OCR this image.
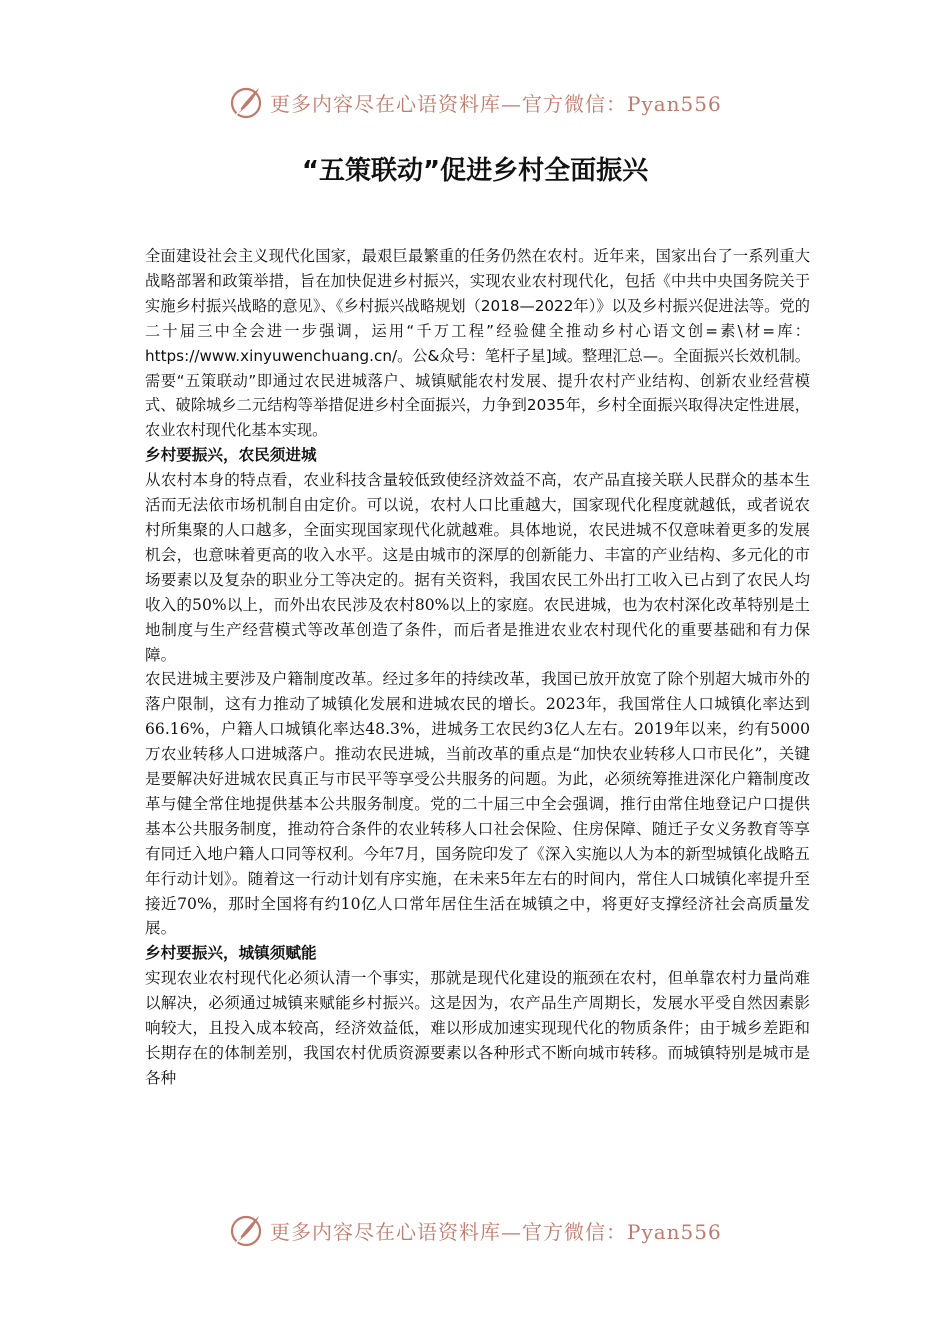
更多内容尽在心语资料库—官方微信：Pyan556
“五策联动”促进乡村全面振兴

全面建设社会主义现代化国家，最艰巨最繁重的任务仍然在农村。近年来，国家出台了一系列重大战略部署和政策举措，旨在加快促进乡村振兴，实现农业农村现代化，包括《中共中央国务院关于实施乡村振兴战略的意见》、《乡村振兴战略规划（2018—2022年）》以及乡村振兴促进法等。党的二十届三中全会进一步强调，运用“千万工程”经验健全推动乡村心语文创=素\材=库：https://www.xinyuwenchuang.cn/。公&众号：笔杆子星]域。整理汇总—。全面振兴长效机制。需要“五策联动”即通过农民进城落户、城镇赋能农村发展、提升农村产业结构、创新农业经营模式、破除城乡二元结构等举措促进乡村全面振兴，力争到2035年，乡村全面振兴取得决定性进展，农业农村现代化基本实现。

乡村要振兴，农民须进城

从农村本身的特点看，农业科技含量较低致使经济效益不高，农产品直接关联人民群众的基本生活而无法依市场机制自由定价。可以说，农村人口比重越大，国家现代化程度就越低，或者说农村所集聚的人口越多，全面实现国家现代化就越难。具体地说，农民进城不仅意味着更多的发展机会，也意味着更高的收入水平。这是由城市的深厚的创新能力、丰富的产业结构、多元化的市场要素以及复杂的职业分工等决定的。据有关资料，我国农民工外出打工收入已占到了农民人均收入的50%以上，而外出农民涉及农村80%以上的家庭。农民进城，也为农村深化改革特别是土地制度与生产经营模式等改革创造了条件，而后者是推进农业农村现代化的重要基础和有力保障。

农民进城主要涉及户籍制度改革。经过多年的持续改革，我国已放开放宽了除个别超大城市外的落户限制，这有力推动了城镇化发展和进城农民的增长。2023年，我国常住人口城镇化率达到66.16%，户籍人口城镇化率达48.3%，进城务工农民约3亿人左右。2019年以来，约有5000万农业转移人口进城落户。推动农民进城，当前改革的重点是“加快农业转移人口市民化”，关键是要解决好进城农民真正与市民平等享受公共服务的问题。为此，必须统筹推进深化户籍制度改革与健全常住地提供基本公共服务制度。党的二十届三中全会强调，推行由常住地登记户口提供基本公共服务制度，推动符合条件的农业转移人口社会保险、住房保障、随迁子女义务教育等享有同迁入地户籍人口同等权利。今年7月，国务院印发了《深入实施以人为本的新型城镇化战略五年行动计划》。随着这一行动计划有序实施，在未来5年左右的时间内，常住人口城镇化率提升至接近70%，那时全国将有约10亿人口常年居住生活在城镇之中，将更好支撑经济社会高质量发展。

乡村要振兴，城镇须赋能

实现农业农村现代化必须认清一个事实，那就是现代化建设的瓶颈在农村，但单靠农村力量尚难以解决，必须通过城镇来赋能乡村振兴。这是因为，农产品生产周期长，发展水平受自然因素影响较大，且投入成本较高，经济效益低，难以形成加速实现现代化的物质条件；由于城乡差距和长期存在的体制差别，我国农村优质资源要素以各种形式不断向城市转移。而城镇特别是城市是各种

更多内容尽在心语资料库—官方微信：Pyan556
